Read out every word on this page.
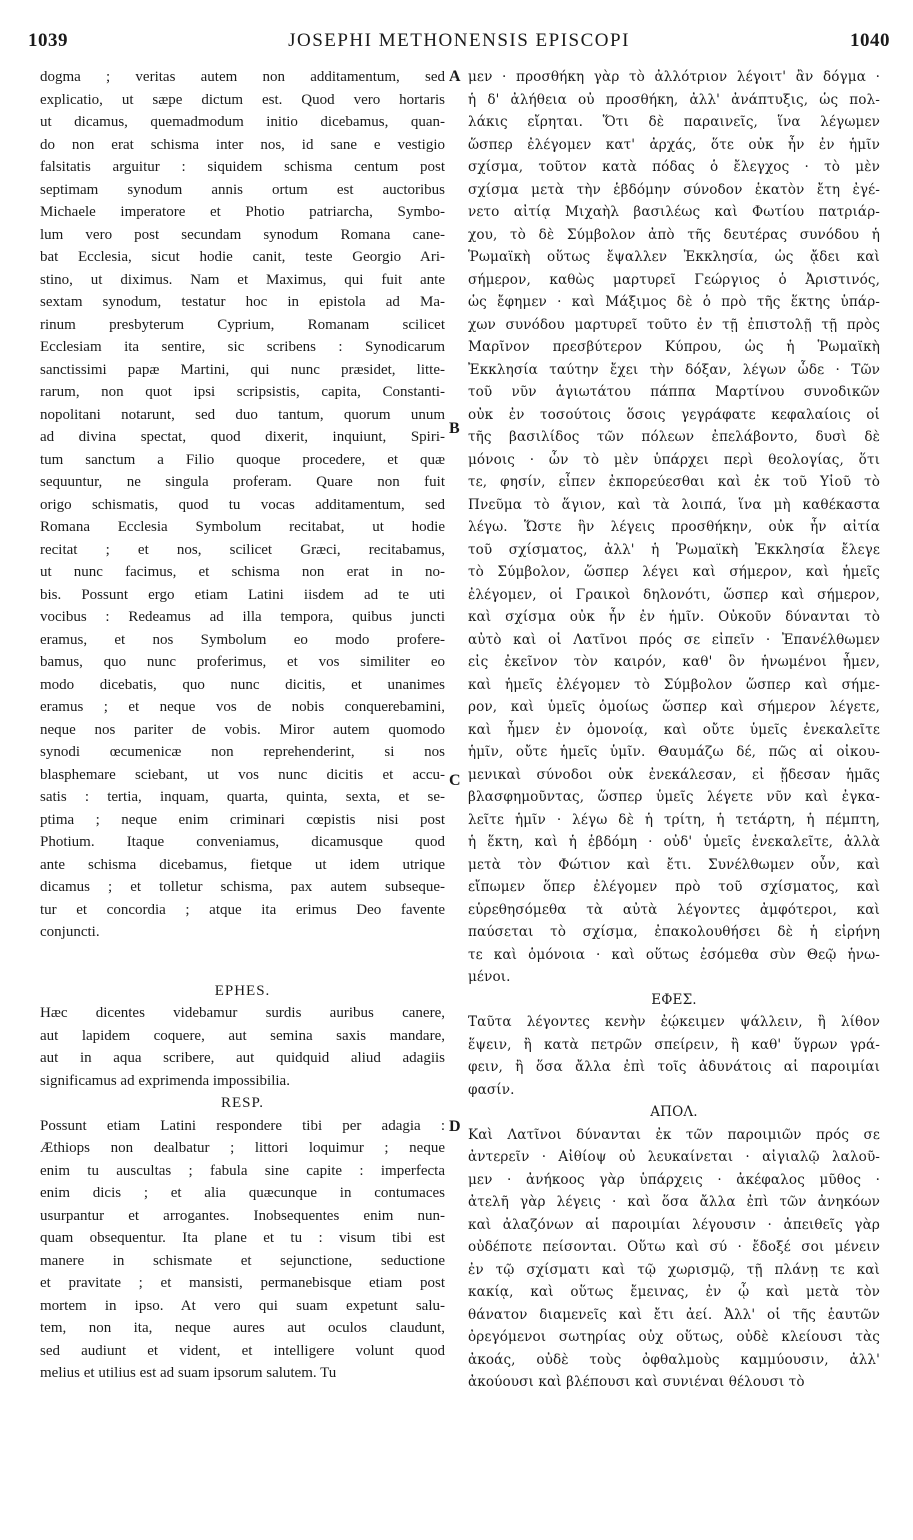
1039	JOSEPHI METHONENSIS EPISCOPI	1040
A
B
C
D
dogma ; veritas autem non additamentum, sed
explicatio, ut sæpe dictum est. Quod vero hortaris
ut dicamus, quemadmodum initio dicebamus, quan-
do non erat schisma inter nos, id sane e vestigio
falsitatis arguitur : siquidem schisma centum post
septimam synodum annis ortum est auctoribus
Michaele imperatore et Photio patriarcha, Symbo-
lum vero post secundam synodum Romana cane-
bat Ecclesia, sicut hodie canit, teste Georgio Ari-
stino, ut diximus. Nam et Maximus, qui fuit ante
sextam synodum, testatur hoc in epistola ad Ma-
rinum presbyterum Cyprium, Romanam scilicet
Ecclesiam ita sentire, sic scribens : Synodicarum
sanctissimi papæ Martini, qui nunc præsidet, litte-
rarum, non quot ipsi scripsistis, capita, Constanti-
nopolitani notarunt, sed duo tantum, quorum unum
ad divina spectat, quod dixerit, inquiunt, Spiri-
tum sanctum a Filio quoque procedere, et quæ
sequuntur, ne singula proferam. Quare non fuit
origo schismatis, quod tu vocas additamentum, sed
Romana Ecclesia Symbolum recitabat, ut hodie
recitat ; et nos, scilicet Græci, recitabamus,
ut nunc facimus, et schisma non erat in no-
bis. Possunt ergo etiam Latini iisdem ad te uti
vocibus : Redeamus ad illa tempora, quibus juncti
eramus, et nos Symbolum eo modo profere-
bamus, quo nunc proferimus, et vos similiter eo
modo dicebatis, quo nunc dicitis, et unanimes
eramus ; et neque vos de nobis conquerebamini,
neque nos pariter de vobis. Miror autem quomodo
synodi œcumenicæ non reprehenderint, si nos
blasphemare sciebant, ut vos nunc dicitis et accu-
satis : tertia, inquam, quarta, quinta, sexta, et se-
ptima ; neque enim criminari cœpistis nisi post
Photium. Itaque conveniamus, dicamusque quod
ante schisma dicebamus, fietque ut idem utrique
dicamus ; et tolletur schisma, pax autem subseque-
tur et concordia ; atque ita erimus Deo favente
conjuncti.
EPHES.
Hæc dicentes videbamur surdis auribus canere,
aut lapidem coquere, aut semina saxis mandare,
aut in aqua scribere, aut quidquid aliud adagiis
significamus ad exprimenda impossibilia.
RESP.
Possunt etiam Latini respondere tibi per adagia :
Æthiops non dealbatur ; littori loquimur ; neque
enim tu auscultas ; fabula sine capite : imperfecta
enim dicis ; et alia quæcunque in contumaces
usurpantur et arrogantes. Inobsequentes enim nun-
quam obsequentur. Ita plane et tu : visum tibi est
manere in schismate et sejunctione, seductione
et pravitate ; et mansisti, permanebisque etiam post
mortem in ipso. At vero qui suam expetunt salu-
tem, non ita, neque aures aut oculos claudunt,
sed audiunt et vident, et intelligere volunt quod
melius et utilius est ad suam ipsorum salutem. Tu
μεν · προσθήκη γὰρ τὸ ἀλλότριον λέγοιτ' ἂν δόγμα ·
ἡ δ' ἀλήθεια οὐ προσθήκη, ἀλλ' ἀνάπτυξις, ὡς πολ-
λάκις εἴρηται. Ὅτι δὲ παραινεῖς, ἵνα λέγωμεν
ὥσπερ ἐλέγομεν κατ' ἀρχάς, ὅτε οὐκ ἦν ἐν ἡμῖν
σχίσμα, τοῦτον κατὰ πόδας ὁ ἔλεγχος · τὸ μὲν
σχίσμα μετὰ τὴν ἑβδόμην σύνοδον ἑκατὸν ἔτη ἐγέ-
νετο αἰτίᾳ Μιχαὴλ βασιλέως καὶ Φωτίου πατριάρ-
χου, τὸ δὲ Σύμβολον ἀπὸ τῆς δευτέρας συνόδου ἡ
Ῥωμαϊκὴ οὕτως ἔψαλλεν Ἐκκλησία, ὡς ᾄδει καὶ
σήμερον, καθὼς μαρτυρεῖ Γεώργιος ὁ Ἀριστινός,
ὡς ἔφημεν · καὶ Μάξιμος δὲ ὁ πρὸ τῆς ἕκτης ὑπάρ-
χων συνόδου μαρτυρεῖ τοῦτο ἐν τῇ ἐπιστολῇ τῇ πρὸς
Μαρῖνον πρεσβύτερον Κύπρου, ὡς ἡ Ῥωμαϊκὴ
Ἐκκλησία ταύτην ἔχει τὴν δόξαν, λέγων ὧδε · Τῶν
τοῦ νῦν ἁγιωτάτου πάππα Μαρτίνου συνοδικῶν
οὐκ ἐν τοσούτοις ὅσοις γεγράφατε κεφαλαίοις οἱ
τῆς βασιλίδος τῶν πόλεων ἐπελάβοντο, δυσὶ δὲ
μόνοις · ὧν τὸ μὲν ὑπάρχει περὶ θεολογίας, ὅτι
τε, φησίν, εἶπεν ἐκπορεύεσθαι καὶ ἐκ τοῦ Υἱοῦ τὸ
Πνεῦμα τὸ ἅγιον, καὶ τὰ λοιπά, ἵνα μὴ καθέκαστα
λέγω. Ὥστε ἣν λέγεις προσθήκην, οὐκ ἦν αἰτία
τοῦ σχίσματος, ἀλλ' ἡ Ῥωμαϊκὴ Ἐκκλησία ἔλεγε
τὸ Σύμβολον, ὥσπερ λέγει καὶ σήμερον, καὶ ἡμεῖς
ἐλέγομεν, οἱ Γραικοὶ δηλονότι, ὥσπερ καὶ σήμερον,
καὶ σχίσμα οὐκ ἦν ἐν ἡμῖν. Οὐκοῦν δύνανται τὸ
αὐτὸ καὶ οἱ Λατῖνοι πρός σε εἰπεῖν · Ἐπανέλθωμεν
εἰς ἐκεῖνον τὸν καιρόν, καθ' ὃν ἡνωμένοι ἦμεν,
καὶ ἡμεῖς ἐλέγομεν τὸ Σύμβολον ὥσπερ καὶ σήμε-
ρον, καὶ ὑμεῖς ὁμοίως ὥσπερ καὶ σήμερον λέγετε,
καὶ ἦμεν ἐν ὁμονοίᾳ, καὶ οὔτε ὑμεῖς ἐνεκαλεῖτε
ἡμῖν, οὔτε ἡμεῖς ὑμῖν. Θαυμάζω δέ, πῶς αἱ οἰκου-
μενικαὶ σύνοδοι οὐκ ἐνεκάλεσαν, εἰ ᾔδεσαν ἡμᾶς
βλασφημοῦντας, ὥσπερ ὑμεῖς λέγετε νῦν καὶ ἐγκα-
λεῖτε ἡμῖν · λέγω δὲ ἡ τρίτη, ἡ τετάρτη, ἡ πέμπτη,
ἡ ἕκτη, καὶ ἡ ἑβδόμη · οὐδ' ὑμεῖς ἐνεκαλεῖτε, ἀλλὰ
μετὰ τὸν Φώτιον καὶ ἔτι. Συνέλθωμεν οὖν, καὶ
εἴπωμεν ὅπερ ἐλέγομεν πρὸ τοῦ σχίσματος, καὶ
εὑρεθησόμεθα τὰ αὐτὰ λέγοντες ἀμφότεροι, καὶ
παύσεται τὸ σχίσμα, ἐπακολουθήσει δὲ ἡ εἰρήνη
τε καὶ ὁμόνοια · καὶ οὕτως ἐσόμεθα σὺν Θεῷ ἡνω-
μένοι.
ΕΦΕΣ.
Ταῦτα λέγοντες κενὴν ἐῴκειμεν ψάλλειν, ἢ λίθον
ἕψειν, ἢ κατὰ πετρῶν σπείρειν, ἢ καθ' ὕγρων γρά-
φειν, ἢ ὅσα ἄλλα ἐπὶ τοῖς ἀδυνάτοις αἱ παροιμίαι
φασίν.
ΑΠΟΛ.
Καὶ Λατῖνοι δύνανται ἐκ τῶν παροιμιῶν πρός σε
ἀντερεῖν · Αἰθίοψ οὐ λευκαίνεται · αἰγιαλῷ λαλοῦ-
μεν · ἀνήκοος γὰρ ὑπάρχεις · ἀκέφαλος μῦθος ·
ἀτελῆ γὰρ λέγεις · καὶ ὅσα ἄλλα ἐπὶ τῶν ἀνηκόων
καὶ ἀλαζόνων αἱ παροιμίαι λέγουσιν · ἀπειθεῖς γὰρ
οὐδέποτε πείσονται. Οὕτω καὶ σύ · ἔδοξέ σοι μένειν
ἐν τῷ σχίσματι καὶ τῷ χωρισμῷ, τῇ πλάνῃ τε καὶ
κακίᾳ, καὶ οὕτως ἔμεινας, ἐν ᾧ καὶ μετὰ τὸν
θάνατον διαμενεῖς καὶ ἔτι ἀεί. Ἀλλ' οἱ τῆς ἑαυτῶν
ὀρεγόμενοι σωτηρίας οὐχ οὕτως, οὐδὲ κλείουσι τὰς
ἀκοάς, οὐδὲ τοὺς ὀφθαλμοὺς καμμύουσιν, ἀλλ'
ἀκούουσι καὶ βλέπουσι καὶ συνιέναι θέλουσι τὸ
